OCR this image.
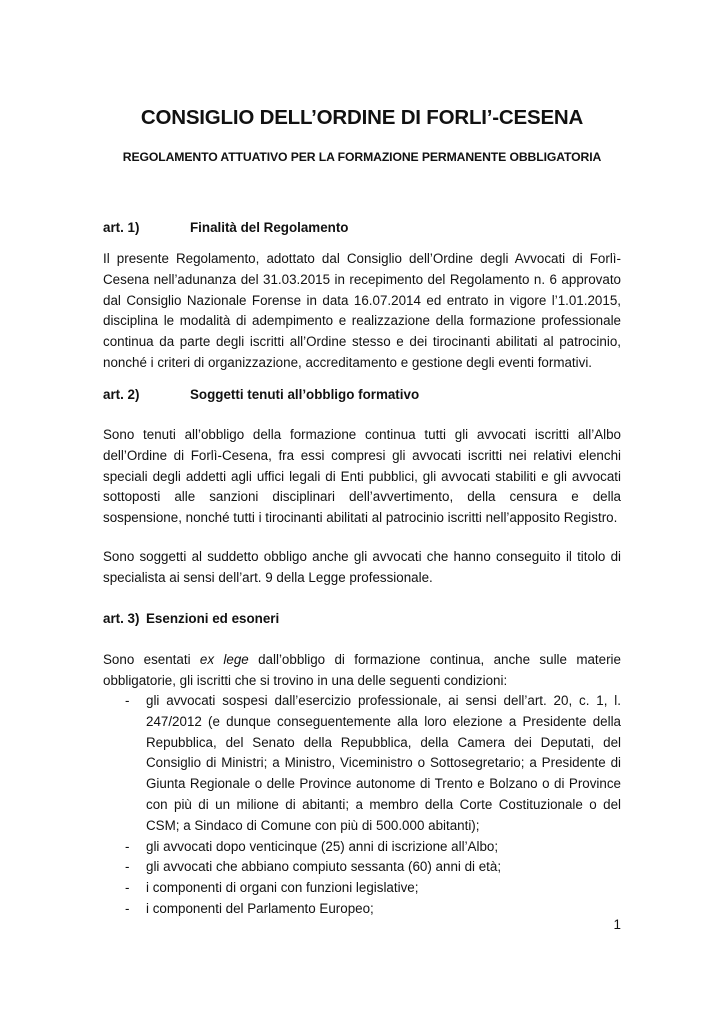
CONSIGLIO DELL’ORDINE DI FORLI’-CESENA
REGOLAMENTO ATTUATIVO PER LA FORMAZIONE PERMANENTE OBBLIGATORIA
art. 1)	Finalità del Regolamento

Il presente Regolamento, adottato dal Consiglio dell’Ordine degli Avvocati di Forlì-Cesena nell’adunanza del 31.03.2015 in recepimento del Regolamento n. 6 approvato dal Consiglio Nazionale Forense in data 16.07.2014 ed entrato in vigore l’1.01.2015, disciplina le modalità di adempimento e realizzazione della formazione professionale continua da parte degli iscritti all’Ordine stesso e dei tirocinanti abilitati al patrocinio, nonché i criteri di organizzazione, accreditamento e gestione degli eventi formativi.

art. 2)	Soggetti tenuti all’obbligo formativo

Sono tenuti all’obbligo della formazione continua tutti gli avvocati iscritti all’Albo dell’Ordine di Forlì-Cesena, fra essi compresi gli avvocati iscritti nei relativi elenchi speciali degli addetti agli uffici legali di Enti pubblici, gli avvocati stabiliti e gli avvocati sottoposti alle sanzioni disciplinari dell’avvertimento, della censura e della sospensione, nonché tutti i tirocinanti abilitati al patrocinio iscritti nell’apposito Registro.

Sono soggetti al suddetto obbligo anche gli avvocati che hanno conseguito il titolo di specialista ai sensi dell’art. 9 della Legge professionale.

art. 3) Esenzioni ed esoneri

Sono esentati ex lege dall’obbligo di formazione continua, anche sulle materie obbligatorie, gli iscritti che si trovino in una delle seguenti condizioni:

- gli avvocati sospesi dall’esercizio professionale, ai sensi dell’art. 20, c. 1, l. 247/2012 (e dunque conseguentemente alla loro elezione a Presidente della Repubblica, del Senato della Repubblica, della Camera dei Deputati, del Consiglio di Ministri; a Ministro, Viceministro o Sottosegretario; a Presidente di Giunta Regionale o delle Province autonome di Trento e Bolzano o di Province con più di un milione di abitanti; a membro della Corte Costituzionale o del CSM; a Sindaco di Comune con più di 500.000 abitanti);
- gli avvocati dopo venticinque (25) anni di iscrizione all’Albo;
- gli avvocati che abbiano compiuto sessanta (60) anni di età;
- i componenti di organi con funzioni legislative;
- i componenti del Parlamento Europeo;
1
